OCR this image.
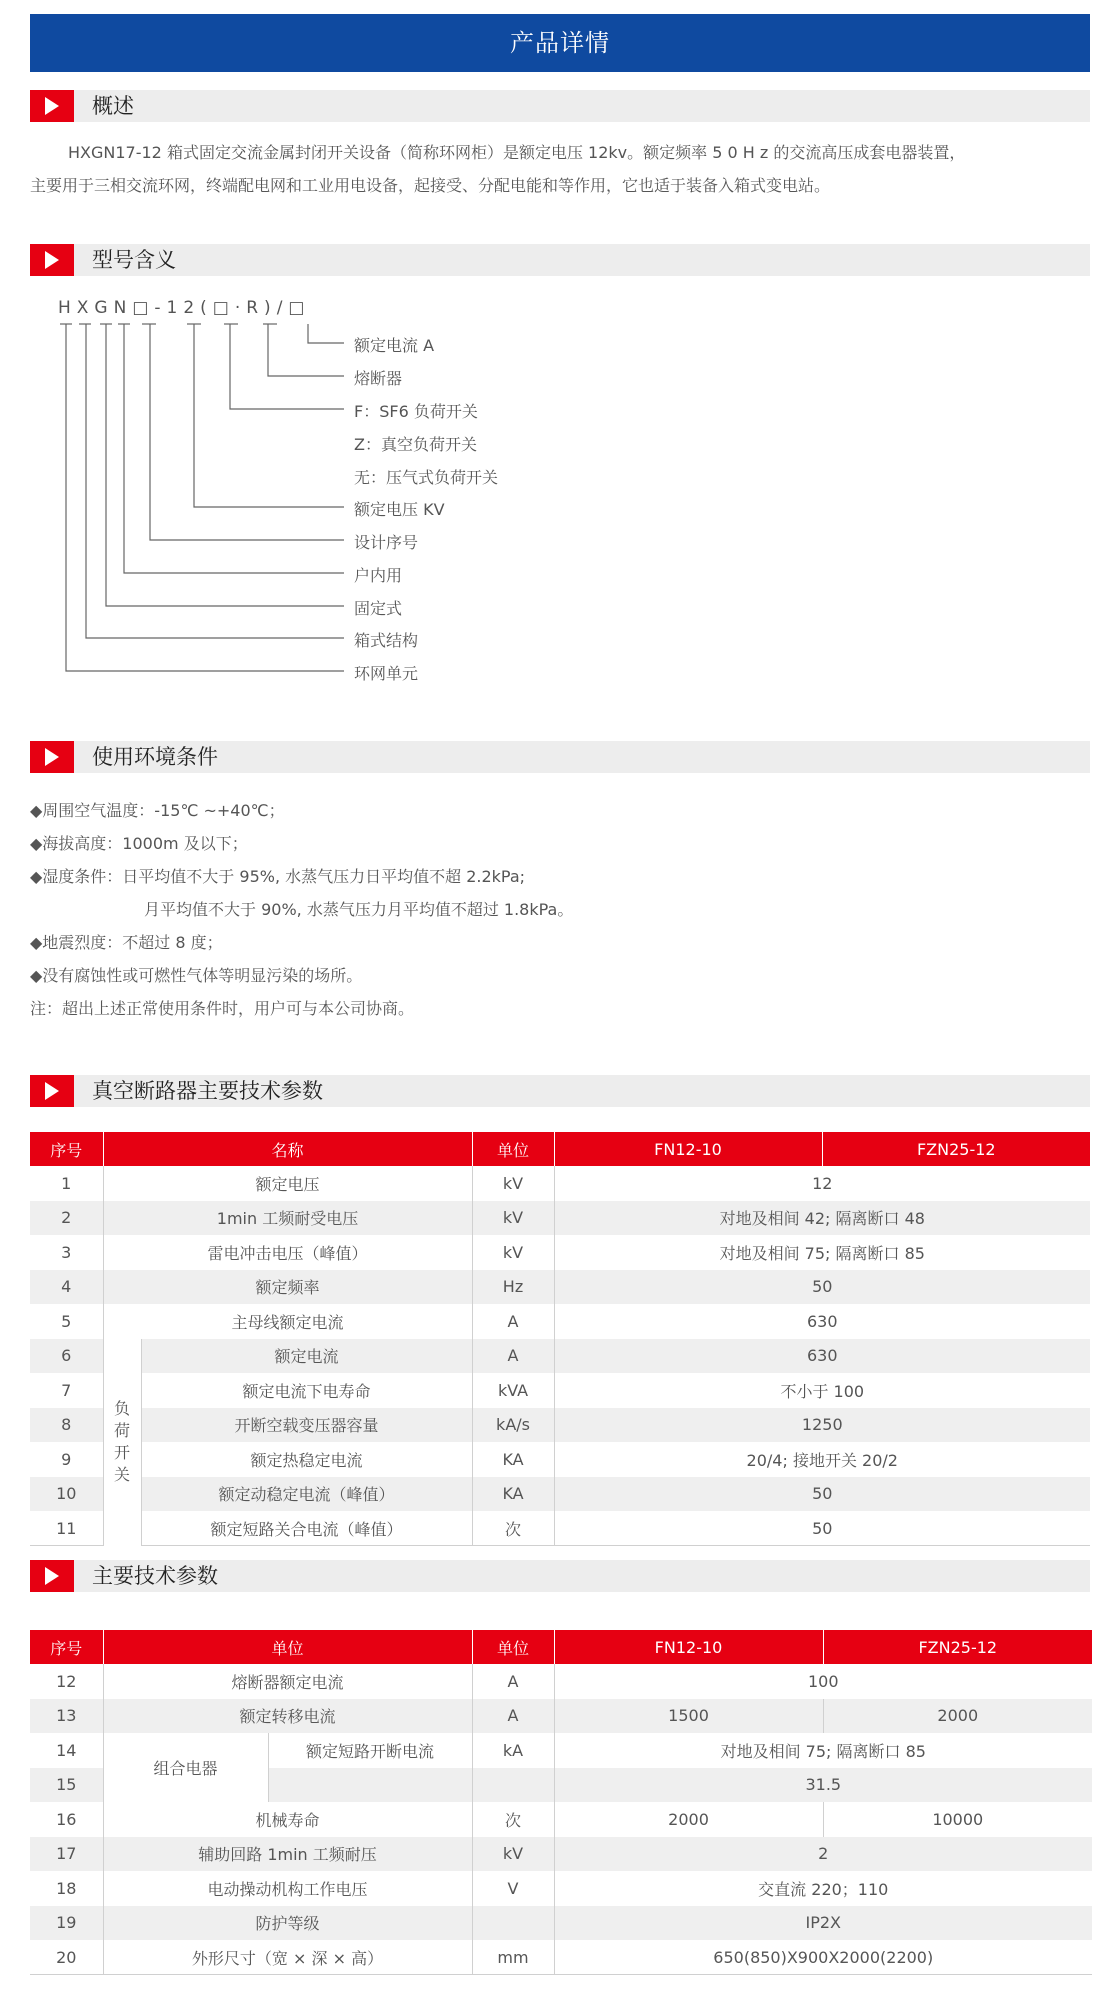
产品详情
概述
HXGN17-12 箱式固定交流金属封闭开关设备（简称环网柜）是额定电压 12kv。额定频率 5 0 H z 的交流高压成套电器装置，
主要用于三相交流环网，终端配电网和工业用电设备，起接受、分配电能和等作用，它也适于装备入箱式变电站。
型号含义
HXGN□-12(□·R)/□
额定电流 A
熔断器
F：SF6 负荷开关
Z：真空负荷开关
无：压气式负荷开关
额定电压 KV
设计序号
户内用
固定式
箱式结构
环网单元
使用环境条件
◆周围空气温度：-15℃ ~+40℃；
◆海拔高度：1000m 及以下；
◆湿度条件：日平均值不大于 95%, 水蒸气压力日平均值不超 2.2kPa;
月平均值不大于 90%, 水蒸气压力月平均值不超过 1.8kPa。
◆地震烈度：不超过 8 度；
◆没有腐蚀性或可燃性气体等明显污染的场所。
注：超出上述正常使用条件时，用户可与本公司协商。
真空断路器主要技术参数
序号	名称		单位	FN12-10	FZN25-12
1	额定电压		kV	12	
2	1min 工频耐受电压		kV	对地及相间 42; 隔离断口 48	
3	雷电冲击电压（峰值）		kV	对地及相间 75; 隔离断口 85	
4	额定频率		Hz	50	
5	主母线额定电流		A	630	
6	负荷开关	额定电流	A	630	
7		额定电流下电寿命	kVA	不小于 100	
8		开断空载变压器容量	kA/s	1250	
9		额定热稳定电流	KA	20/4; 接地开关 20/2	
10		额定动稳定电流（峰值）	KA	50	
11		额定短路关合电流（峰值）	次	50	
主要技术参数
序号	单位		单位	FN12-10	FZN25-12
12	熔断器额定电流		A	100	
13	额定转移电流		A	1500	2000
14	组合电器	额定短路开断电流	kA	对地及相间 75; 隔离断口 85	
15				31.5	
16	机械寿命		次	2000	10000
17	辅助回路 1min 工频耐压		kV	2	
18	电动操动机构工作电压		V	交直流 220；110	
19	防护等级			IP2X	
20	外形尺寸（宽 × 深 × 高）		mm	650(850)X900X2000(2200)	
